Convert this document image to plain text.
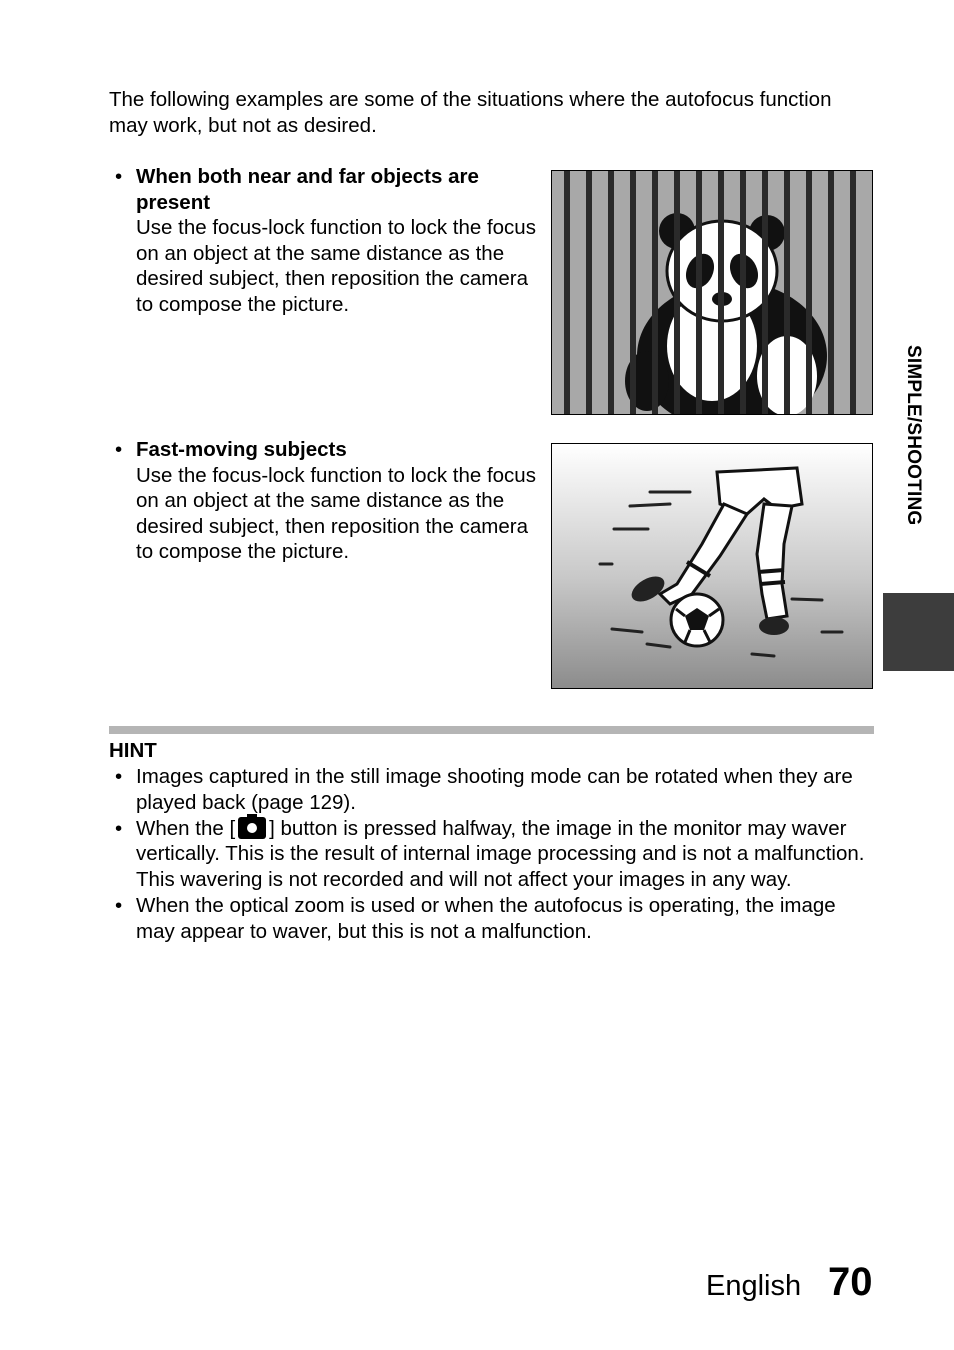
The following examples are some of the situations where the autofocus function may work, but not as desired.

• When both near and far objects are present
Use the focus-lock function to lock the focus on an object at the same distance as the desired subject, then reposition the camera to compose the picture.
• Fast-moving subjects
Use the focus-lock function to lock the focus on an object at the same distance as the desired subject, then reposition the camera to compose the picture.
SIMPLE/SHOOTING
HINT
• Images captured in the still image shooting mode can be rotated when they are played back (page 129).
• When the [ ] button is pressed halfway, the image in the monitor may waver vertically. This is the result of internal image processing and is not a malfunction. This wavering is not recorded and will not affect your images in any way.
• When the optical zoom is used or when the autofocus is operating, the image may appear to waver, but this is not a malfunction.
English 70
